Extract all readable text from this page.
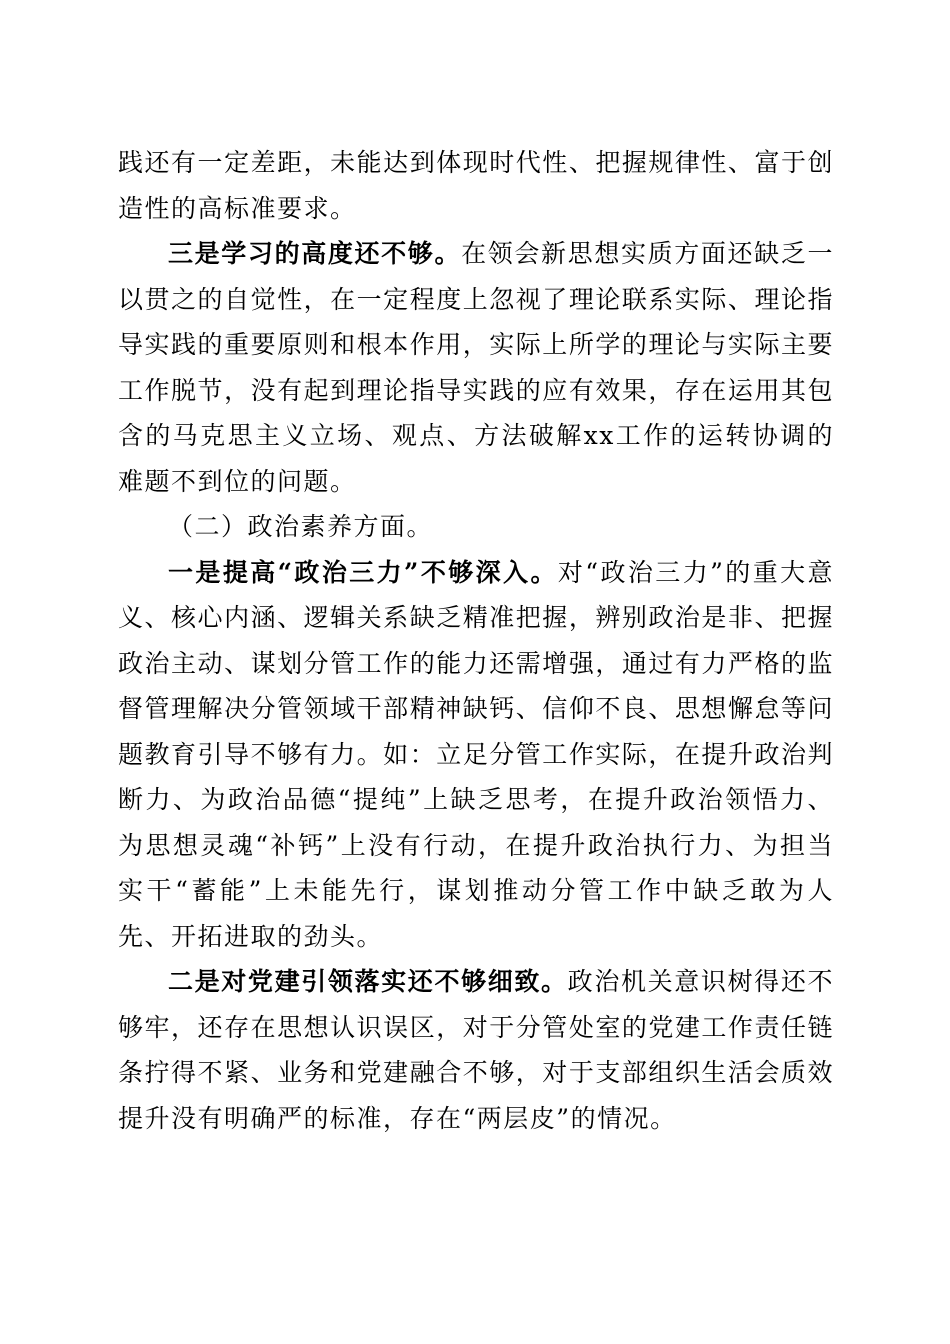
践还有一定差距，未能达到体现时代性、把握规律性、富于创造性的高标准要求。

三是学习的高度还不够。在领会新思想实质方面还缺乏一以贯之的自觉性，在一定程度上忽视了理论联系实际、理论指导实践的重要原则和根本作用，实际上所学的理论与实际主要工作脱节，没有起到理论指导实践的应有效果，存在运用其包含的马克思主义立场、观点、方法破解xx工作的运转协调的难题不到位的问题。

（二）政治素养方面。

一是提高“政治三力”不够深入。对“政治三力”的重大意义、核心内涵、逻辑关系缺乏精准把握，辨别政治是非、把握政治主动、谋划分管工作的能力还需增强，通过有力严格的监督管理解决分管领域干部精神缺钙、信仰不良、思想懈怠等问题教育引导不够有力。如：立足分管工作实际，在提升政治判断力、为政治品德“提纯”上缺乏思考，在提升政治领悟力、为思想灵魂“补钙”上没有行动，在提升政治执行力、为担当实干“蓄能”上未能先行，谋划推动分管工作中缺乏敢为人先、开拓进取的劲头。

二是对党建引领落实还不够细致。政治机关意识树得还不够牢，还存在思想认识误区，对于分管处室的党建工作责任链条拧得不紧、业务和党建融合不够，对于支部组织生活会质效提升没有明确严的标准，存在“两层皮”的情况。
